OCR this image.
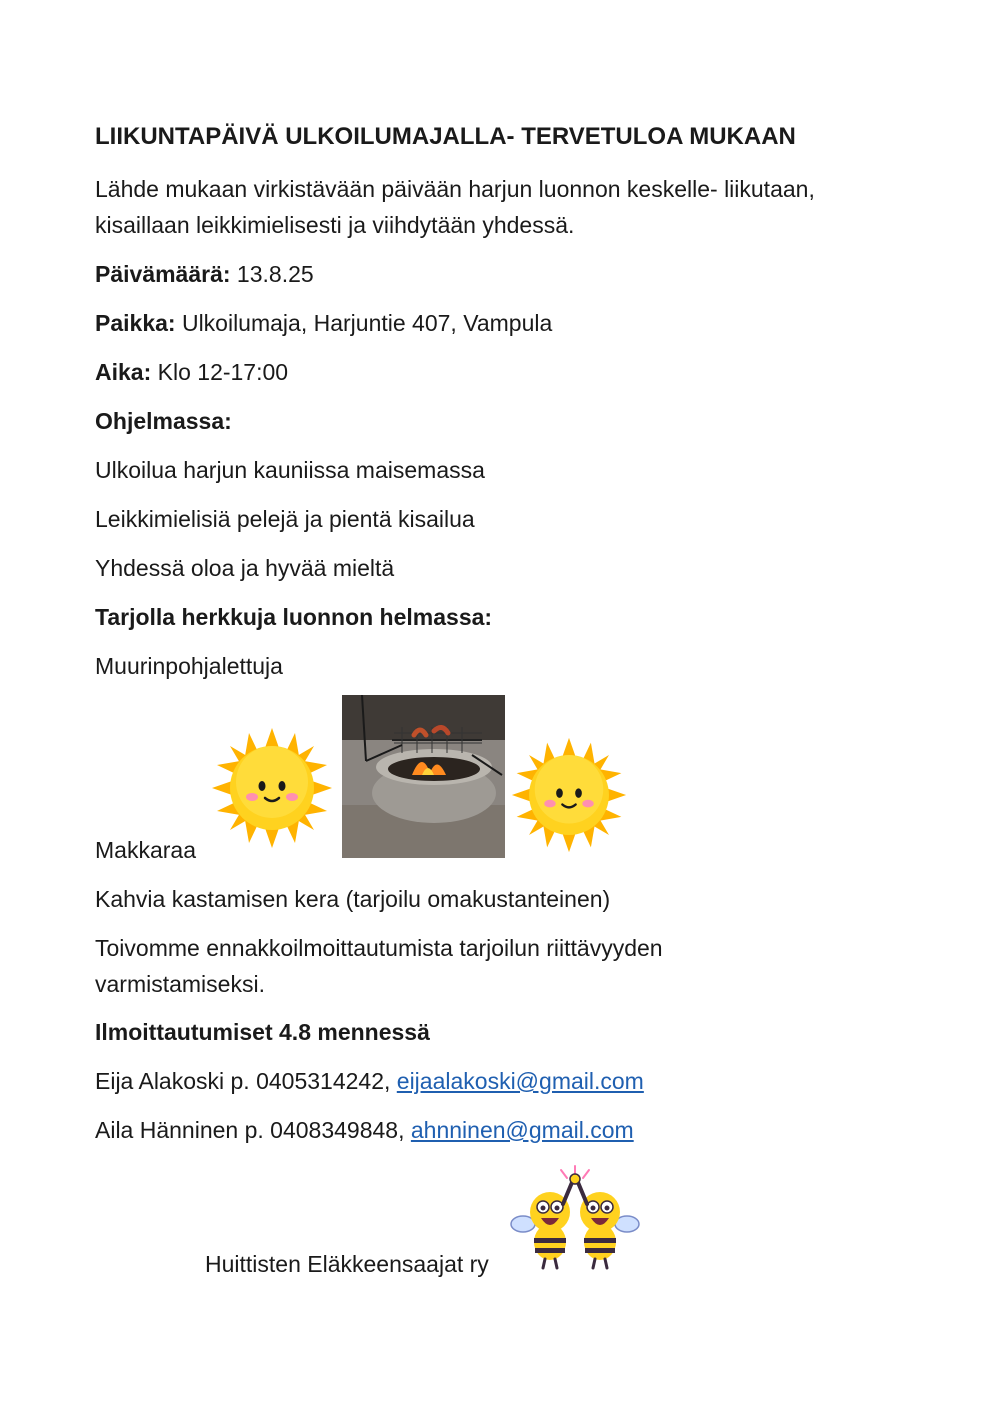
LIIKUNTAPÄIVÄ ULKOILUMAJALLA- TERVETULOA MUKAAN
Lähde mukaan virkistävään päivään harjun luonnon keskelle- liikutaan,
kisaillaan leikkimielisesti ja viihdytään yhdessä.
Päivämäärä: 13.8.25
Paikka: Ulkoilumaja, Harjuntie 407, Vampula
Aika: Klo 12-17:00
Ohjelmassa:
Ulkoilua harjun kauniissa maisemassa
Leikkimielisiä pelejä ja pientä kisailua
Yhdessä oloa ja hyvää mieltä
Tarjolla herkkuja luonnon helmassa:
Muurinpohjalettuja
Makkaraa
Kahvia kastamisen kera (tarjoilu omakustanteinen)
Toivomme ennakkoilmoittautumista tarjoilun riittävyyden
varmistamiseksi.
Ilmoittautumiset 4.8 mennessä
Eija Alakoski p. 0405314242, eijaalakoski@gmail.com
Aila Hänninen p. 0408349848, ahnninen@gmail.com
Huittisten Eläkkeensaajat ry
